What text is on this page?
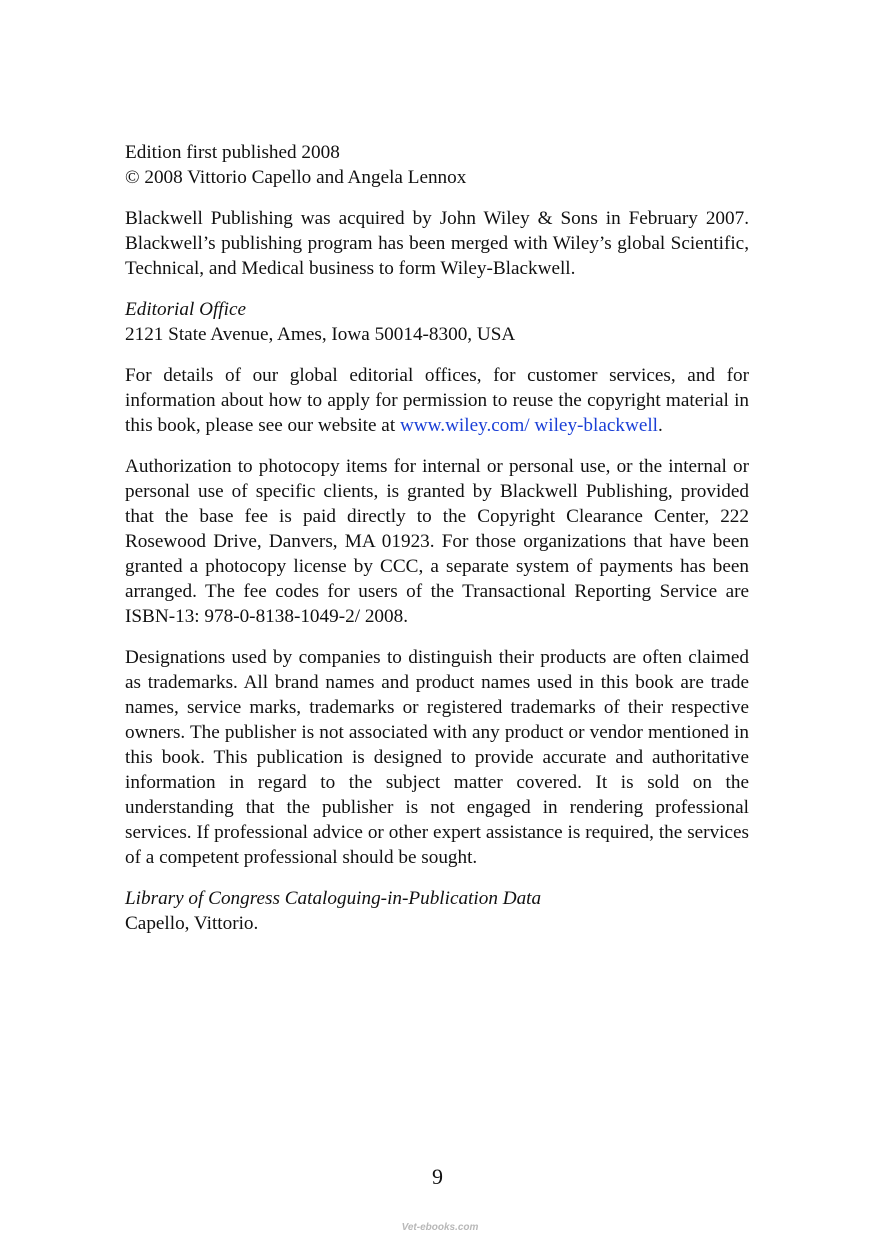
Edition first published 2008
© 2008 Vittorio Capello and Angela Lennox

Blackwell Publishing was acquired by John Wiley & Sons in February 2007. Blackwell’s publishing program has been merged with Wiley’s global Scientific, Technical, and Medical business to form Wiley-Blackwell.

Editorial Office
2121 State Avenue, Ames, Iowa 50014-8300, USA

For details of our global editorial offices, for customer services, and for information about how to apply for permission to reuse the copyright material in this book, please see our website at www.wiley.com/ wiley-blackwell.

Authorization to photocopy items for internal or personal use, or the internal or personal use of specific clients, is granted by Blackwell Publishing, provided that the base fee is paid directly to the Copyright Clearance Center, 222 Rosewood Drive, Danvers, MA 01923. For those organizations that have been granted a photocopy license by CCC, a separate system of payments has been arranged. The fee codes for users of the Transactional Reporting Service are ISBN-13: 978-0-8138-1049-2/ 2008.

Designations used by companies to distinguish their products are often claimed as trademarks. All brand names and product names used in this book are trade names, service marks, trademarks or registered trademarks of their respective owners. The publisher is not associated with any product or vendor mentioned in this book. This publication is designed to provide accurate and authoritative information in regard to the subject matter covered. It is sold on the understanding that the publisher is not engaged in rendering professional services. If professional advice or other expert assistance is required, the services of a competent professional should be sought.

Library of Congress Cataloguing-in-Publication Data
Capello, Vittorio.

9
Vet-ebooks.com
